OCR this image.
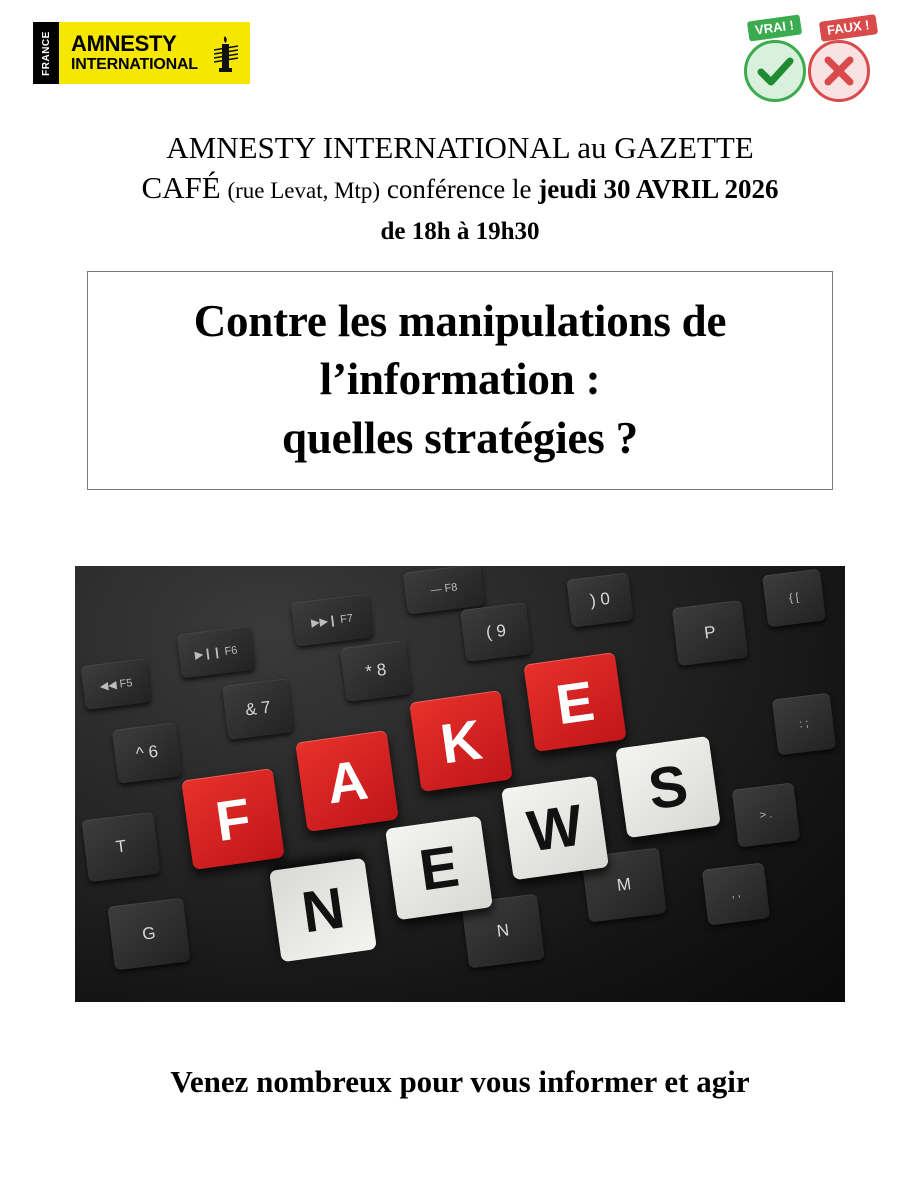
FRANCE AMNESTY
INTERNATIONAL
VRAI !	FAUX !
AMNESTY INTERNATIONAL au GAZETTE
CAFÉ (rue Levat, Mtp) conférence le jeudi 30 AVRIL 2026
de 18h à 19h30
Contre les manipulations de
l’information :
quelles stratégies ?
◀◀ F5
▶❙❙ F6
▶▶❙ F7
— F8
^ 6
& 7
* 8
( 9
) 0
P
{ [
: ;
> .
, ,
T
G	N
M
F
A
K
E
N
E
W
S
Venez nombreux pour vous informer et agir
